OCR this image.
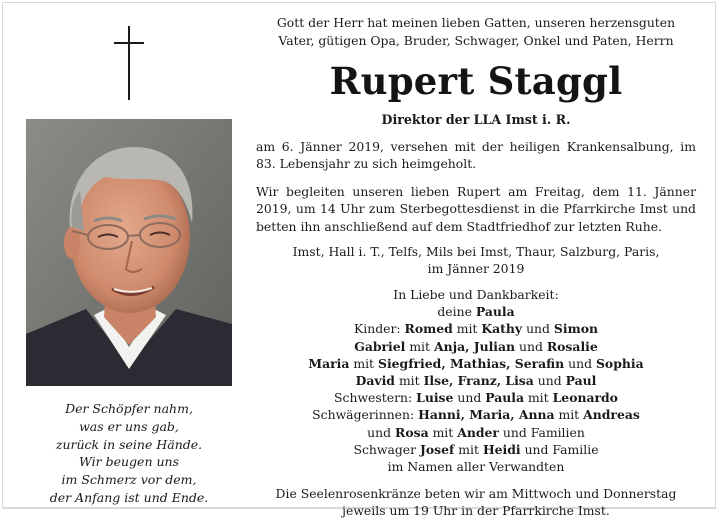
Der Schöpfer nahm,
was er uns gab,
zurück in seine Hände.
Wir beugen uns
im Schmerz vor dem,
der Anfang ist und Ende.
Gott der Herr hat meinen lieben Gatten, unseren herzensguten
Vater, gütigen Opa, Bruder, Schwager, Onkel und Paten, Herrn
Rupert Staggl
Direktor der LLA Imst i. R.
am 6. Jänner 2019, versehen mit der heiligen Krankensalbung, im
83. Lebensjahr zu sich heimgeholt.
Wir begleiten unseren lieben Rupert am Freitag, dem 11. Jänner
2019, um 14 Uhr zum Sterbegottesdienst in die Pfarrkirche Imst und
betten ihn anschließend auf dem Stadtfriedhof zur letzten Ruhe.
Imst, Hall i. T., Telfs, Mils bei Imst, Thaur, Salzburg, Paris,
im Jänner 2019
In Liebe und Dankbarkeit:
deine Paula
Kinder: Romed mit Kathy und Simon
Gabriel mit Anja, Julian und Rosalie
Maria mit Siegfried, Mathias, Serafin und Sophia
David mit Ilse, Franz, Lisa und Paul
Schwestern: Luise und Paula mit Leonardo
Schwägerinnen: Hanni, Maria, Anna mit Andreas
und Rosa mit Ander und Familien
Schwager Josef mit Heidi und Familie
im Namen aller Verwandten
Die Seelenrosenkränze beten wir am Mittwoch und Donnerstag
jeweils um 19 Uhr in der Pfarrkirche Imst.
